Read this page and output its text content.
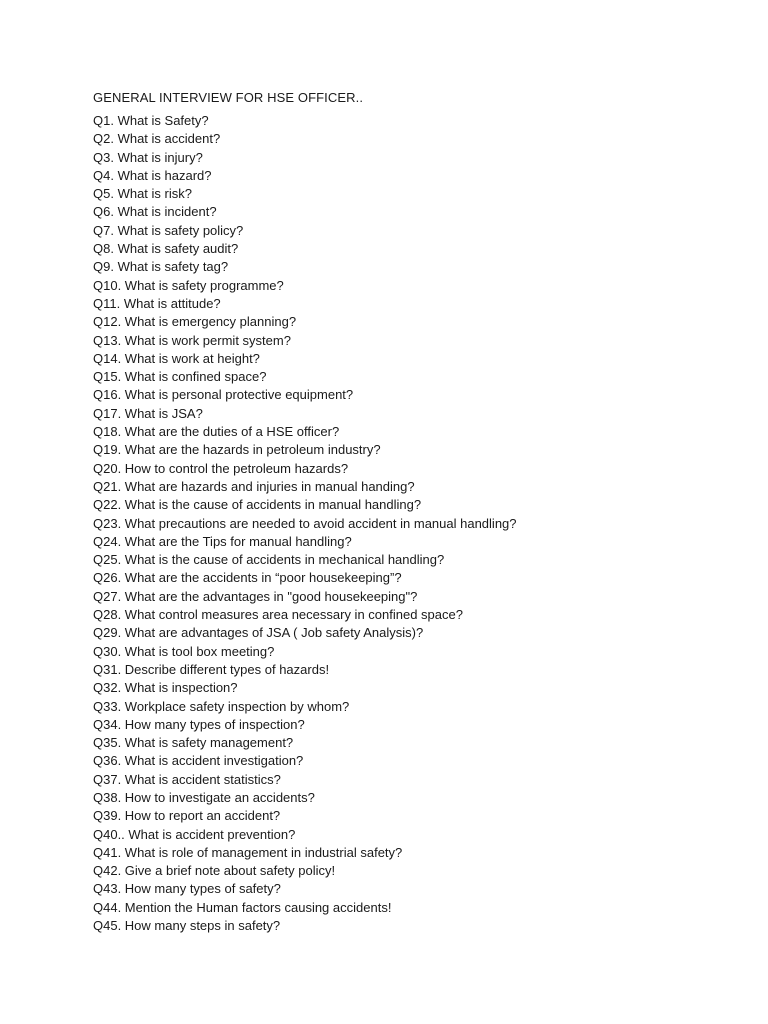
GENERAL INTERVIEW FOR HSE OFFICER..
Q1. What is Safety?
Q2. What is accident?
Q3. What is injury?
Q4. What is hazard?
Q5. What is risk?
Q6. What is incident?
Q7. What is safety policy?
Q8. What is safety audit?
Q9. What is safety tag?
Q10. What is safety programme?
Q11. What is attitude?
Q12. What is emergency planning?
Q13. What is work permit system?
Q14. What is work at height?
Q15. What is confined space?
Q16. What is personal protective equipment?
Q17. What is JSA?
Q18. What are the duties of a HSE officer?
Q19. What are the hazards in petroleum industry?
Q20. How to control the petroleum hazards?
Q21. What are hazards and injuries in manual handing?
Q22. What is the cause of accidents in manual handling?
Q23. What precautions are needed to avoid accident in manual handling?
Q24. What are the Tips for manual handling?
Q25. What is the cause of accidents in mechanical handling?
Q26. What are the accidents in “poor housekeeping”?
Q27. What are the advantages in "good housekeeping"?
Q28. What control measures area necessary in confined space?
Q29. What are advantages of JSA ( Job safety Analysis)?
Q30. What is tool box meeting?
Q31. Describe different types of hazards!
Q32. What is inspection?
Q33. Workplace safety inspection by whom?
Q34. How many types of inspection?
Q35. What is safety management?
Q36. What is accident investigation?
Q37. What is accident statistics?
Q38. How to investigate an accidents?
Q39. How to report an accident?
Q40.. What is accident prevention?
Q41. What is role of management in industrial safety?
Q42. Give a brief note about safety policy!
Q43. How many types of safety?
Q44. Mention the Human factors causing accidents!
Q45. How many steps in safety?
